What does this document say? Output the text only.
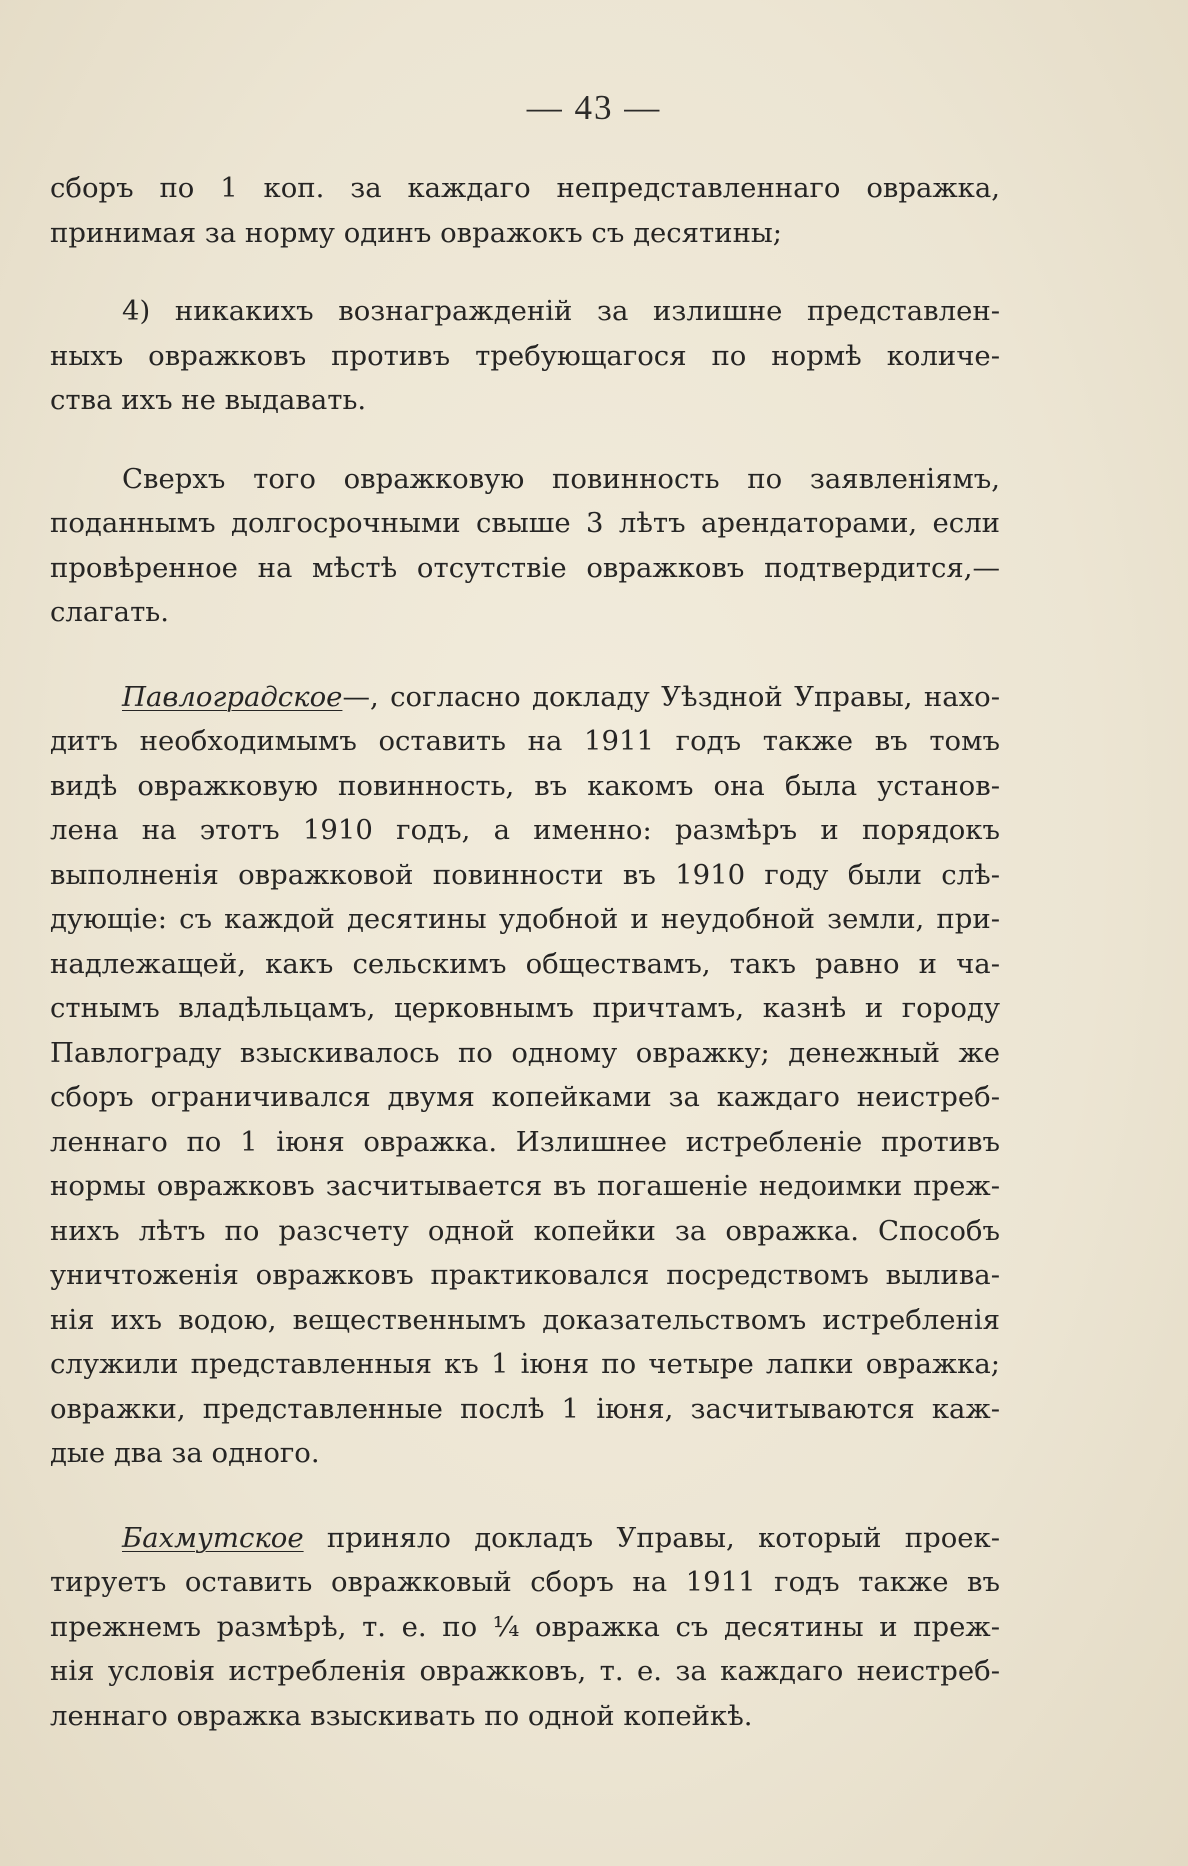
— 43 —
сборъ по 1 коп. за каждаго непредставленнаго овражка,
принимая за норму одинъ овражокъ съ десятины;
4) никакихъ вознагражденій за излишне представлен-
ныхъ овражковъ противъ требующагося по нормѣ количе-
ства ихъ не выдавать.
Сверхъ того овражковую повинность по заявленіямъ,
поданнымъ долгосрочными свыше 3 лѣтъ арендаторами, если
провѣренное на мѣстѣ отсутствіе овражковъ подтвердится,—
слагать.
Павлоградское—, согласно докладу Уѣздной Управы, нахо-
дитъ необходимымъ оставить на 1911 годъ также въ томъ
видѣ овражковую повинность, въ какомъ она была установ-
лена на этотъ 1910 годъ, а именно: размѣръ и порядокъ
выполненія овражковой повинности въ 1910 году были слѣ-
дующіе: съ каждой десятины удобной и неудобной земли, при-
надлежащей, какъ сельскимъ обществамъ, такъ равно и ча-
стнымъ владѣльцамъ, церковнымъ причтамъ, казнѣ и городу
Павлограду взыскивалось по одному овражку; денежный же
сборъ ограничивался двумя копейками за каждаго неистреб-
леннаго по 1 іюня овражка. Излишнее истребленіе противъ
нормы овражковъ засчитывается въ погашеніе недоимки преж-
нихъ лѣтъ по разсчету одной копейки за овражка. Способъ
уничтоженія овражковъ практиковался посредствомъ вылива-
нія ихъ водою, вещественнымъ доказательствомъ истребленія
служили представленныя къ 1 іюня по четыре лапки овражка;
овражки, представленные послѣ 1 іюня, засчитываются каж-
дые два за одного.
Бахмутское приняло докладъ Управы, который проек-
тируетъ оставить овражковый сборъ на 1911 годъ также въ
прежнемъ размѣрѣ, т. е. по ¼ овражка съ десятины и преж-
нія условія истребленія овражковъ, т. е. за каждаго неистреб-
леннаго овражка взыскивать по одной копейкѣ.
